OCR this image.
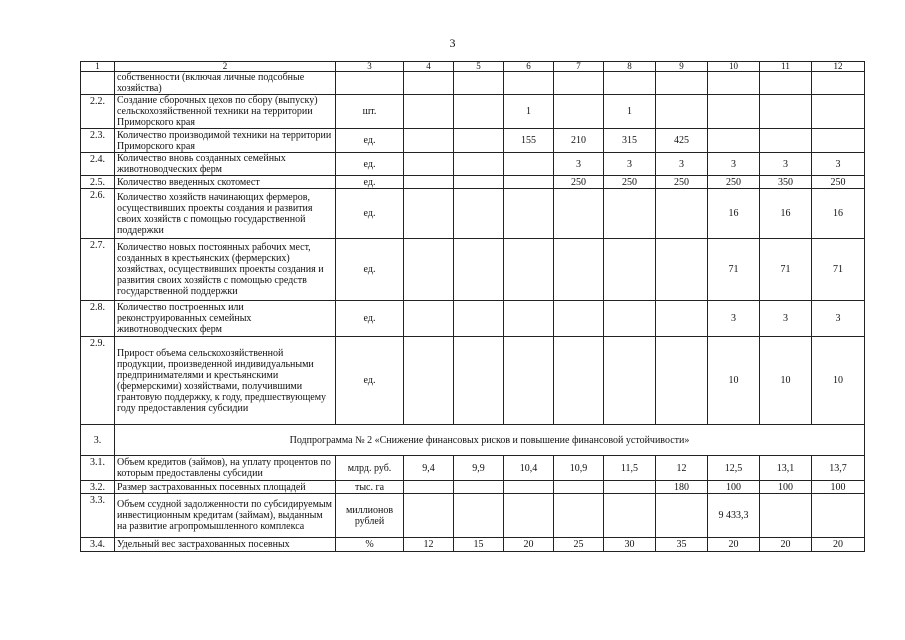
3
1	2	3	4	5	6	7	8	9	10	11	12
	собственности (включая личные подсобные хозяйства)										
2.2.	Создание сборочных цехов по сбору (выпуску) сельскохозяйственной техники на территории Приморского края	шт.			1		1				
2.3.	Количество производимой техники на территории Приморского края	ед.			155	210	315	425			
2.4.	Количество вновь созданных семейных животноводческих ферм	ед.				3	3	3	3	3	3
2.5.	Количество введенных скотомест	ед.				250	250	250	250	350	250
2.6.	Количество хозяйств начинающих фермеров, осуществивших проекты создания и развития своих хозяйств с помощью государственной поддержки	ед.							16	16	16
2.7.	Количество новых постоянных рабочих мест, созданных в крестьянских (фермерских) хозяйствах, осуществивших проекты создания и развития своих хозяйств с помощью средств государственной поддержки	ед.							71	71	71
2.8.	Количество построенных или реконструированных семейных животноводческих ферм	ед.							3	3	3
2.9.	Прирост объема сельскохозяйственной продукции, произведенной индивидуальными предпринимателями и крестьянскими (фермерскими) хозяйствами, получившими грантовую поддержку, к году, предшествующему году предоставления субсидии	ед.							10	10	10
3.	Подпрограмма № 2 «Снижение финансовых рисков и повышение финансовой устойчивости»										
3.1.	Объем кредитов (займов), на уплату процентов по которым предоставлены субсидии	млрд. руб.	9,4	9,9	10,4	10,9	11,5	12	12,5	13,1	13,7
3.2.	Размер застрахованных посевных площадей	тыс. га						180	100	100	100
3.3.	Объем ссудной задолженности по субсидируемым инвестиционным кредитам (займам), выданным на развитие агропромышленного комплекса	миллионов рублей							9 433,3		
3.4.	Удельный вес застрахованных посевных	%	12	15	20	25	30	35	20	20	20
